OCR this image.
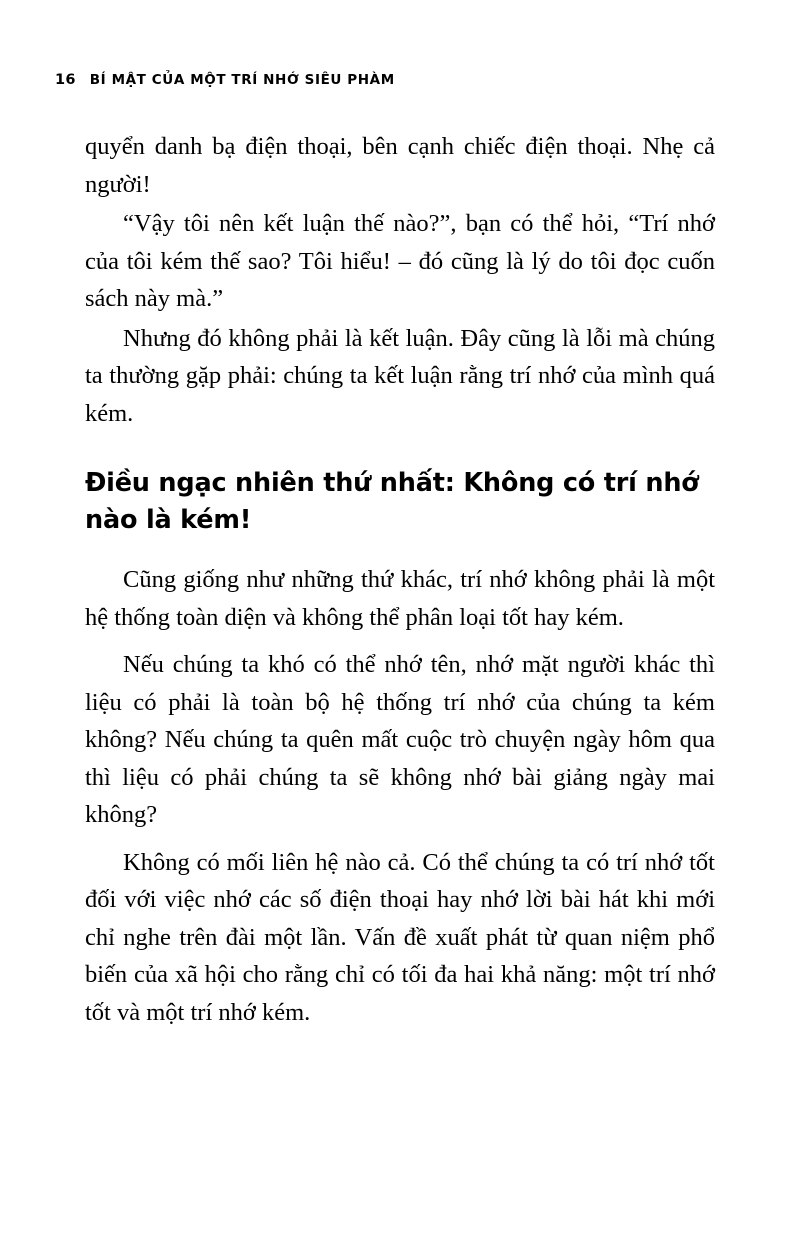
16 BÍ MẬT CỦA MỘT TRÍ NHỚ SIÊU PHÀM

quyển danh bạ điện thoại, bên cạnh chiếc điện thoại. Nhẹ cả người!

“Vậy tôi nên kết luận thế nào?”, bạn có thể hỏi, “Trí nhớ của tôi kém thế sao? Tôi hiểu! – đó cũng là lý do tôi đọc cuốn sách này mà.”

Nhưng đó không phải là kết luận. Đây cũng là lỗi mà chúng ta thường gặp phải: chúng ta kết luận rằng trí nhớ của mình quá kém.

Điều ngạc nhiên thứ nhất: Không có trí nhớ nào là kém!

Cũng giống như những thứ khác, trí nhớ không phải là một hệ thống toàn diện và không thể phân loại tốt hay kém.

Nếu chúng ta khó có thể nhớ tên, nhớ mặt người khác thì liệu có phải là toàn bộ hệ thống trí nhớ của chúng ta kém không? Nếu chúng ta quên mất cuộc trò chuyện ngày hôm qua thì liệu có phải chúng ta sẽ không nhớ bài giảng ngày mai không?

Không có mối liên hệ nào cả. Có thể chúng ta có trí nhớ tốt đối với việc nhớ các số điện thoại hay nhớ lời bài hát khi mới chỉ nghe trên đài một lần. Vấn đề xuất phát từ quan niệm phổ biến của xã hội cho rằng chỉ có tối đa hai khả năng: một trí nhớ tốt và một trí nhớ kém.
